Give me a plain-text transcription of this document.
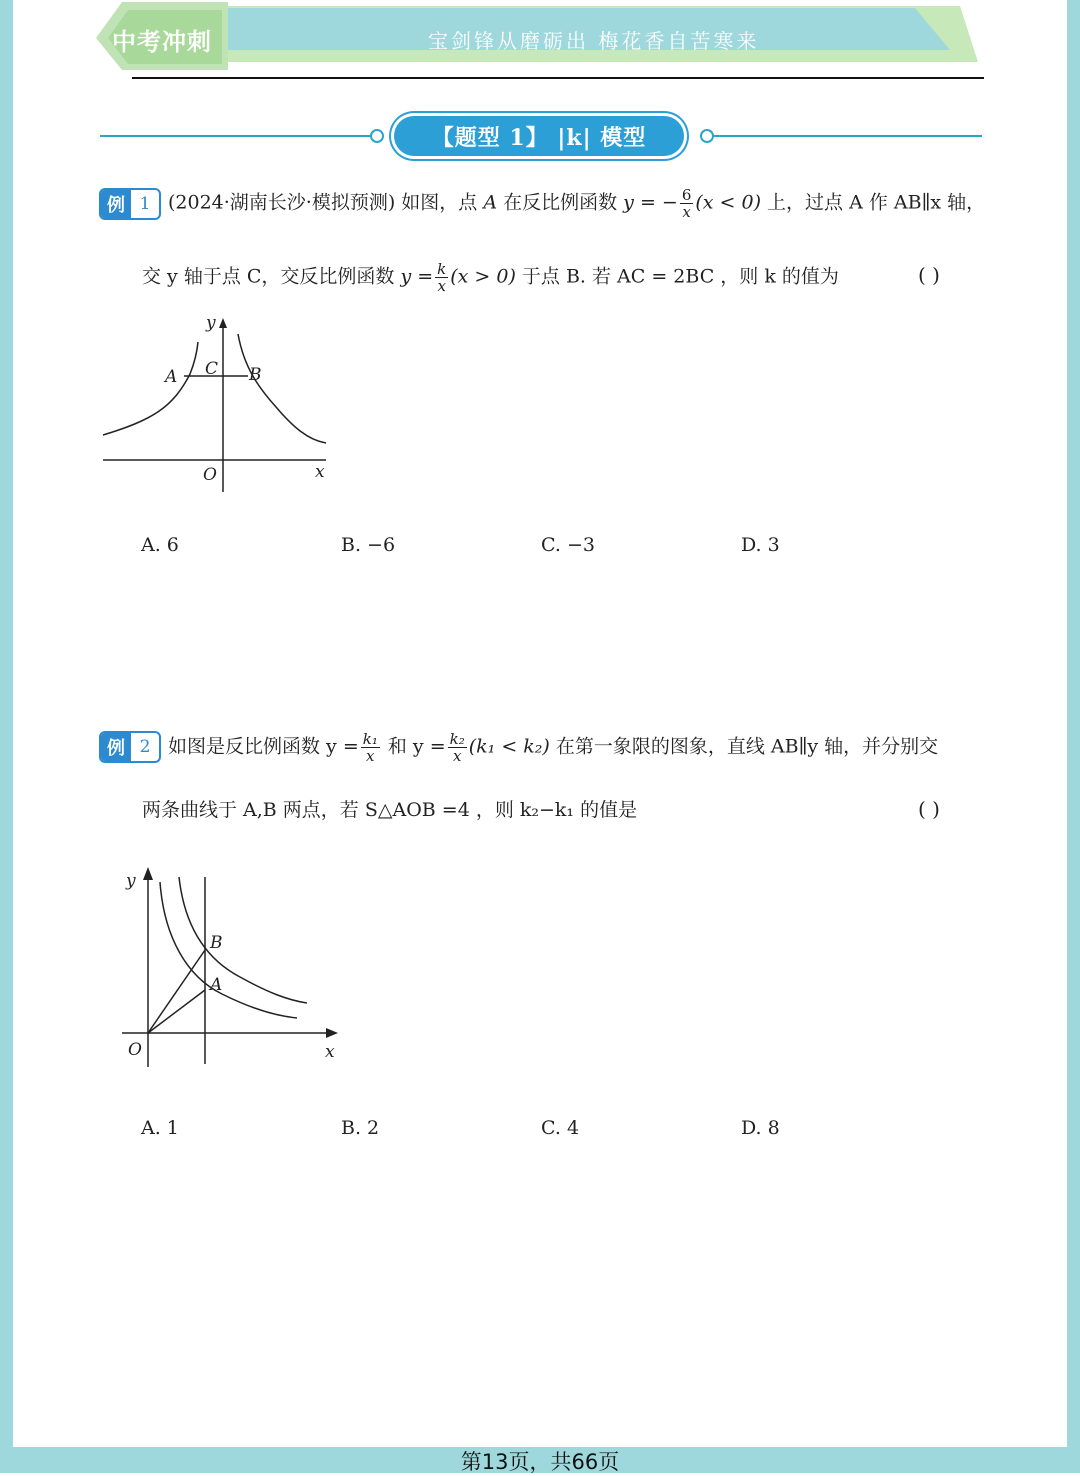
中考冲刺	宝剑锋从磨砺出 梅花香自苦寒来
【题型 1】 |k| 模型
例 1 (2024·湖南长沙·模拟预测) 如图，点 A 在反比例函数 y = − $\frac{6}{x} (x < 0)$ 上，过点 A 作 AB∥x 轴，
交 y 轴于点 C，交反比例函数 $y = \frac{k}{x} (x > 0)$ 于点 B. 若 AC = 2BC ，则 k 的值为	( )
y
x
O
A C B
A. 6	B. −6	C. −3	D. 3
例 2 如图是反比例函数 $y = \frac{\text{k₁}}{x}$ 和 $y = \frac{\text{k₂}}{x} (k_1 < k_2)$ 在第一象限的图象，直线 AB∥y 轴，并分别交
两条曲线于 A,B 两点，若 S△AOB =4 ，则 k₂−k₁ 的值是	( )
y
x
O
B
A
A. 1	B. 2	C. 4	D. 8
第13页，共66页
